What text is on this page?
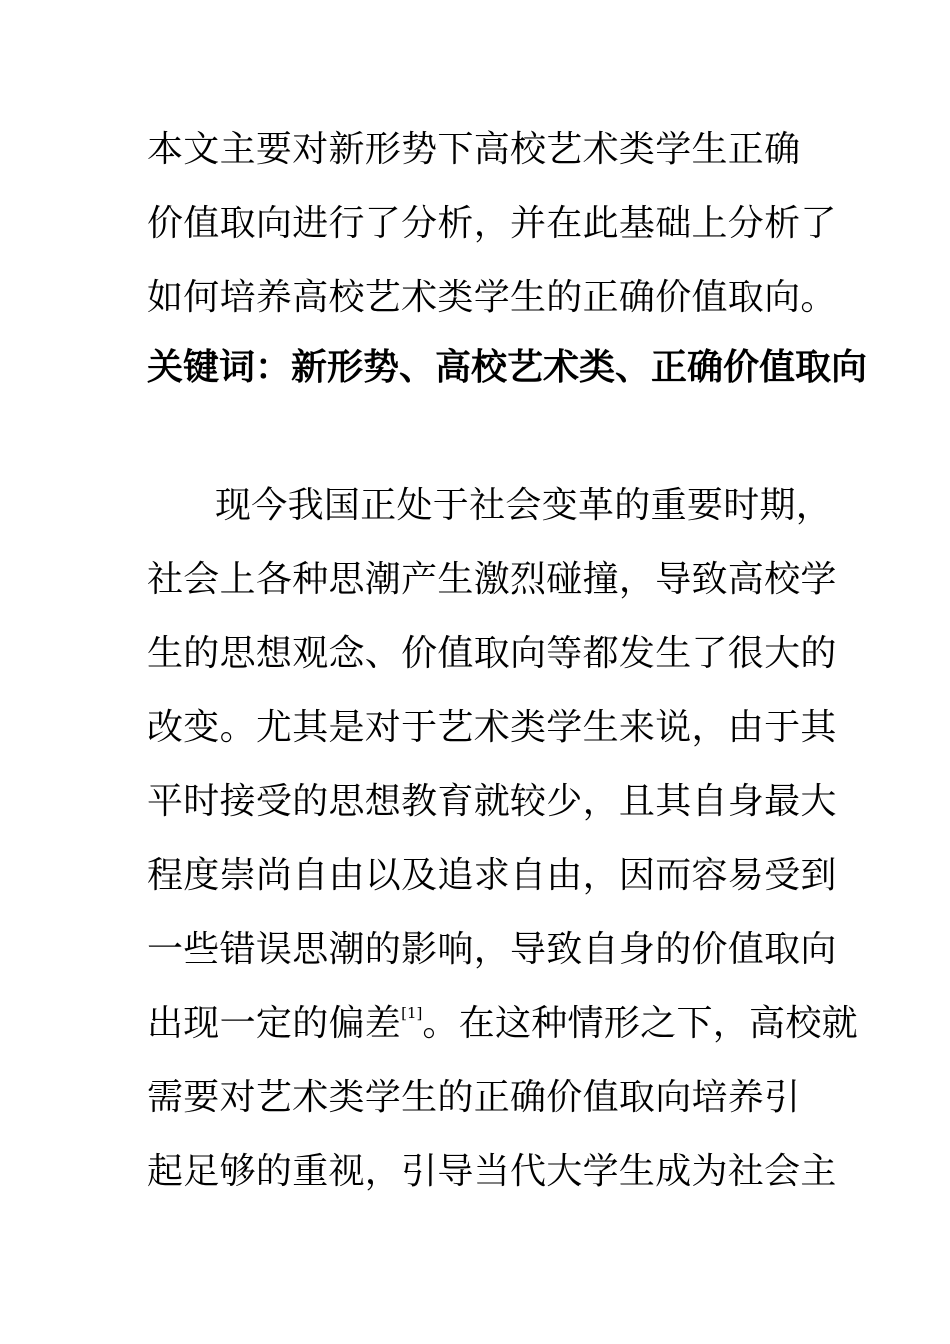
本文主要对新形势下高校艺术类学生正确
价值取向进行了分析，并在此基础上分析了
如何培养高校艺术类学生的正确价值取向。
关键词：新形势、高校艺术类、正确价值取向
现今我国正处于社会变革的重要时期，
社会上各种思潮产生激烈碰撞，导致高校学
生的思想观念、价值取向等都发生了很大的
改变。尤其是对于艺术类学生来说，由于其
平时接受的思想教育就较少，且其自身最大
程度崇尚自由以及追求自由，因而容易受到
一些错误思潮的影响，导致自身的价值取向
出现一定的偏差[1]。在这种情形之下，高校就
需要对艺术类学生的正确价值取向培养引
起足够的重视，引导当代大学生成为社会主
